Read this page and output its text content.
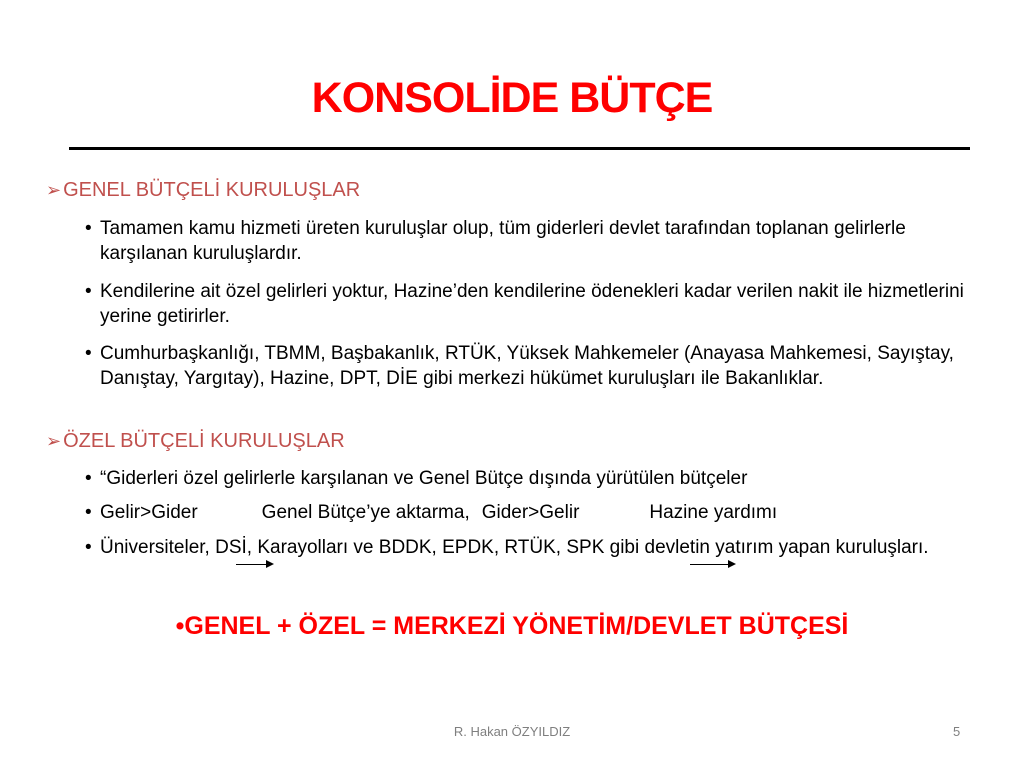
KONSOLİDE BÜTÇE
➢ GENEL BÜTÇELİ KURULUŞLAR
• Tamamen kamu hizmeti üreten kuruluşlar olup, tüm giderleri devlet tarafından toplanan gelirlerle karşılanan kuruluşlardır.
• Kendilerine ait özel gelirleri yoktur, Hazine’den kendilerine ödenekleri kadar verilen nakit ile hizmetlerini yerine getirirler.
• Cumhurbaşkanlığı, TBMM, Başbakanlık, RTÜK, Yüksek Mahkemeler (Anayasa Mahkemesi, Sayıştay, Danıştay, Yargıtay), Hazine, DPT, DİE gibi merkezi hükümet kuruluşları ile Bakanlıklar.
➢ ÖZEL BÜTÇELİ KURULUŞLAR
• “Giderleri özel gelirlerle karşılanan ve Genel Bütçe dışında yürütülen bütçeler
• Gelir>Gider	Genel Bütçe’ye aktarma, Gider>Gelir	Hazine yardımı
• Üniversiteler, DSİ, Karayolları ve BDDK, EPDK, RTÜK, SPK gibi devletin yatırım yapan kuruluşları.
•GENEL + ÖZEL = MERKEZİ YÖNETİM/DEVLET BÜTÇESİ
R. Hakan ÖZYILDIZ	5
